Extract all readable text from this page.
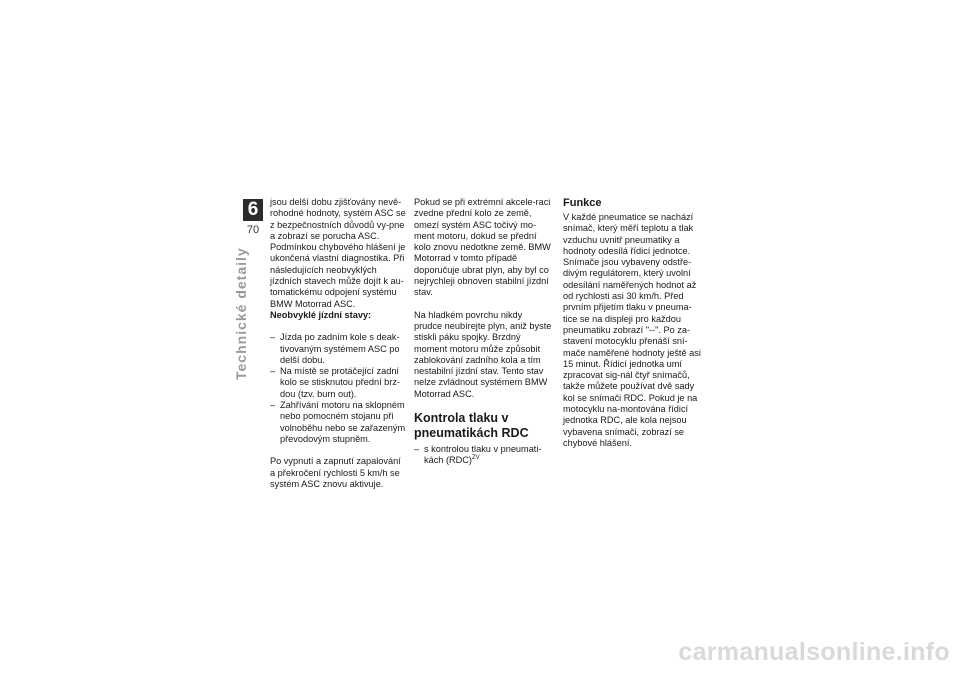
6
70
Technické detaily

jsou delší dobu zjišťovány nevě-rohodné hodnoty, systém ASC se z bezpečnostních důvodů vy-pne a zobrazí se porucha ASC. Podmínkou chybového hlášení je ukončená vlastní diagnostika. Při následujících neobvyklých jízdních stavech může dojít k au-tomatickému odpojení systému BMW Motorrad ASC.

Neobvyklé jízdní stavy:

– Jízda po zadním kole s deak-tivovaným systémem ASC po delší dobu.
– Na místě se protáčející zadní kolo se stisknutou přední brz-dou (tzv. burn out).
– Zahřívání motoru na sklopném nebo pomocném stojanu při volnoběhu nebo se zařazeným převodovým stupněm.

Po vypnutí a zapnutí zapalování a překročení rychlosti 5 km/h se systém ASC znovu aktivuje.

Pokud se při extrémní akcele-raci zvedne přední kolo ze země, omezí systém ASC točivý mo-ment motoru, dokud se přední kolo znovu nedotkne země. BMW Motorrad v tomto případě doporučuje ubrat plyn, aby byl co nejrychleji obnoven stabilní jízdní stav.

Na hladkém povrchu nikdy prudce neubírejte plyn, aniž byste stiskli páku spojky. Brzdný moment motoru může způsobit zablokování zadního kola a tím nestabilní jízdní stav. Tento stav nelze zvládnout systémem BMW Motorrad ASC.

Kontrola tlaku v pneumatikách RDC
– s kontrolou tlaku v pneumati-kách (RDC)$^{ZV}$
Funkce

V každé pneumatice se nachází snímač, který měří teplotu a tlak vzduchu uvnitř pneumatiky a hodnoty odesílá řídicí jednotce. Snímače jsou vybaveny odstře-divým regulátorem, který uvolní odesílání naměřených hodnot až od rychlosti asi 30 km/h. Před prvním přijetím tlaku v pneuma-tice se na displeji pro každou pneumatiku zobrazí "--". Po za-stavení motocyklu přenáší sní-mače naměřené hodnoty ještě asi 15 minut. Řídicí jednotka umí zpracovat sig-nál čtyř snímačů, takže můžete používat dvě sady kol se snímači RDC. Pokud je na motocyklu na-montována řídicí jednotka RDC, ale kola nejsou vybavena snímači, zobrazí se chybové hlášení.

carmanualsonline.info
